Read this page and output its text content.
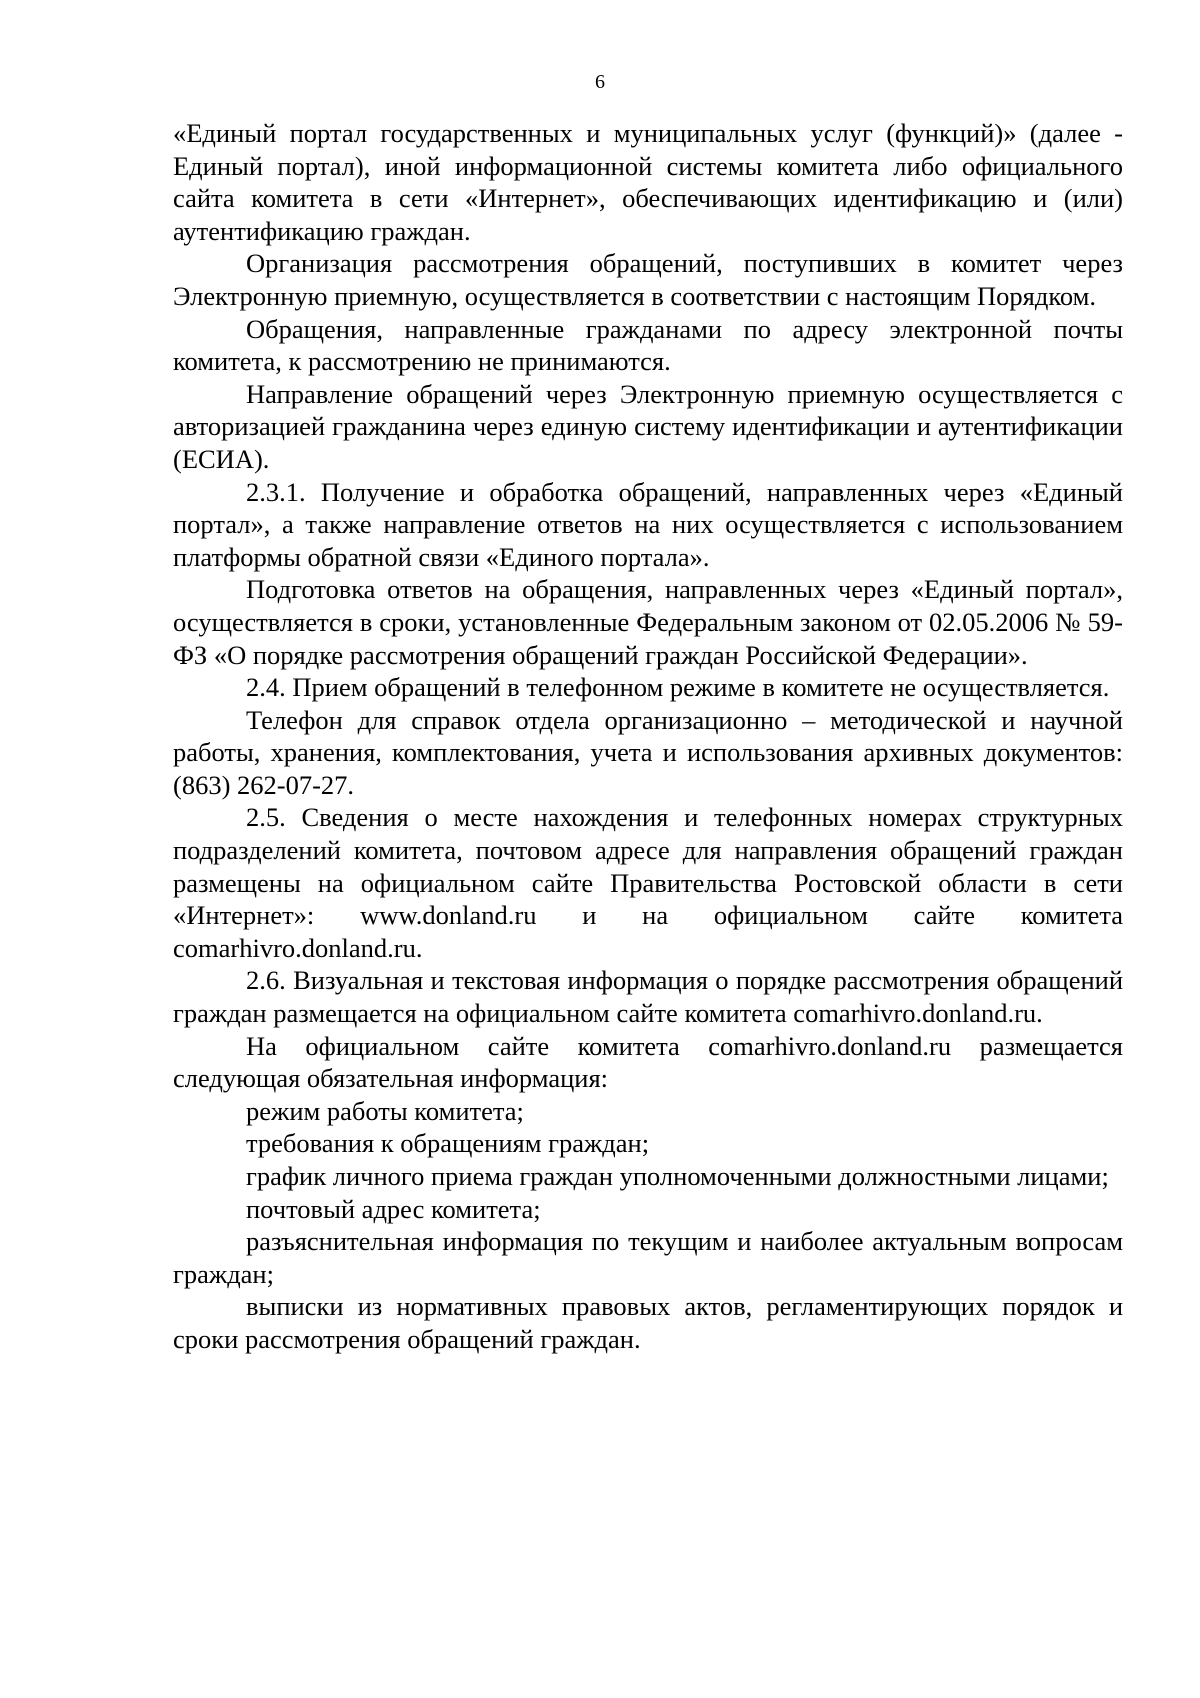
6

«Единый портал государственных и муниципальных услуг (функций)» (далее - Единый портал), иной информационной системы комитета либо официального сайта комитета в сети «Интернет», обеспечивающих идентификацию и (или) аутентификацию граждан.

Организация рассмотрения обращений, поступивших в комитет через Электронную приемную, осуществляется в соответствии с настоящим Порядком.

Обращения, направленные гражданами по адресу электронной почты комитета, к рассмотрению не принимаются.

Направление обращений через Электронную приемную осуществляется с авторизацией гражданина через единую систему идентификации и аутентификации (ЕСИА).

2.3.1. Получение и обработка обращений, направленных через «Единый портал», а также направление ответов на них осуществляется с использованием платформы обратной связи «Единого портала».

Подготовка ответов на обращения, направленных через «Единый портал», осуществляется в сроки, установленные Федеральным законом от 02.05.2006 № 59-ФЗ «О порядке рассмотрения обращений граждан Российской Федерации».

2.4. Прием обращений в телефонном режиме в комитете не осуществляется.

Телефон для справок отдела организационно – методической и научной работы, хранения, комплектования, учета и использования архивных документов: (863) 262-07-27.

2.5. Сведения о месте нахождения и телефонных номерах структурных подразделений комитета, почтовом адресе для направления обращений граждан размещены на официальном сайте Правительства Ростовской области в сети «Интернет»: www.donland.ru и на официальном сайте комитета comarhivro.donland.ru.

2.6. Визуальная и текстовая информация о порядке рассмотрения обращений граждан размещается на официальном сайте комитета comarhivro.donland.ru.

На официальном сайте комитета comarhivro.donland.ru размещается следующая обязательная информация:

режим работы комитета;

требования к обращениям граждан;

график личного приема граждан уполномоченными должностными лицами;

почтовый адрес комитета;

разъяснительная информация по текущим и наиболее актуальным вопросам граждан;

выписки из нормативных правовых актов, регламентирующих порядок и сроки рассмотрения обращений граждан.
